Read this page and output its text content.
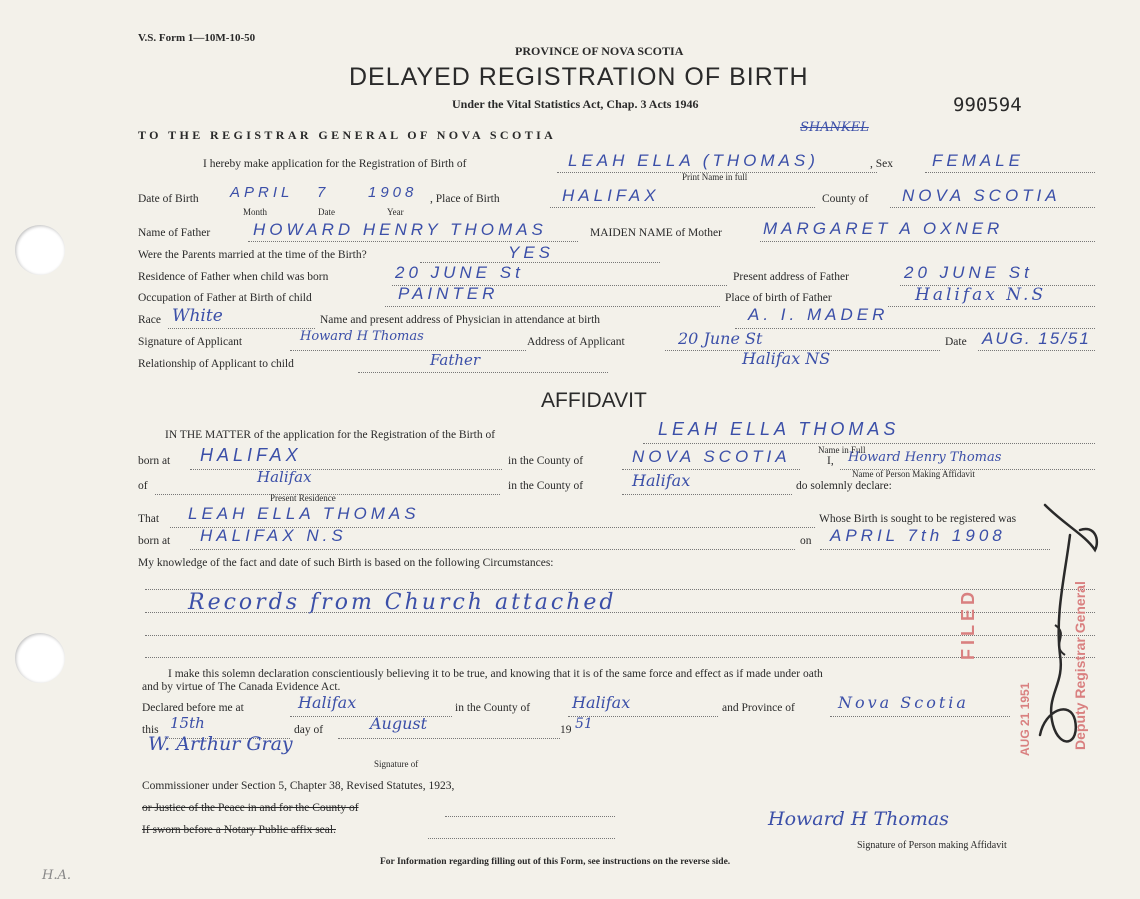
V.S. Form 1—10M-10-50
PROVINCE OF NOVA SCOTIA
DELAYED REGISTRATION OF BIRTH
Under the Vital Statistics Act, Chap. 3 Acts 1946	990594
TO THE REGISTRAR GENERAL OF NOVA SCOTIA
I hereby make application for the Registration of Birth of	LEAH ELLA (THOMAS)
SHANKEL
Print Name in full
, Sex FEMALE
Date of Birth APRIL 7	1908
Month	Date	Year
, Place of Birth	HALIFAX	County of NOVA SCOTIA
Name of Father	HOWARD HENRY THOMAS	MAIDEN NAME of Mother MARGARET A OXNER
Were the Parents married at the time of the Birth?	YES
Residence of Father when child was born	20 JUNE St	Present address of Father	20 JUNE St
Occupation of Father at Birth of child	PAINTER	Place of birth of Father	Halifax N.S
Race White	Name and present address of Physician in attendance at birth	A. I. MADER
Signature of Applicant	Howard H Thomas	Address of Applicant	20 June St	Date AUG. 15/51
Relationship of Applicant to child	Father	Halifax NS
AFFIDAVIT
IN THE MATTER of the application for the Registration of the Birth of	LEAH ELLA THOMAS
born at HALIFAX	in the County of	NOVA SCOTIA	Name in Full
I, Howard Henry Thomas
Name of Person Making Affidavit
of	Halifax
Present Residence
in the County of	Halifax	do solemnly declare:
That LEAH ELLA THOMAS	Whose Birth is sought to be registered was
born at HALIFAX N.S	on APRIL 7th 1908
My knowledge of the fact and date of such Birth is based on the following Circumstances:
Records from Church attached
I make this solemn declaration conscientiously believing it to be true, and knowing that it is of the same force and effect as if made under oath
and by virtue of The Canada Evidence Act.
Declared before me at	Halifax	in the County of	Halifax	and Province of	Nova Scotia
this 15th	day of	August	19 51
W. Arthur Gray
Signature of
Commissioner under Section 5, Chapter 38, Revised Statutes, 1923,
or Justice of the Peace in and for the County of
If sworn before a Notary Public affix seal.	Howard H Thomas
Signature of Person making Affidavit
For Information regarding filling out of this Form, see instructions on the reverse side.
H.A.
FILED
AUG 21 1951	Deputy Registrar General
